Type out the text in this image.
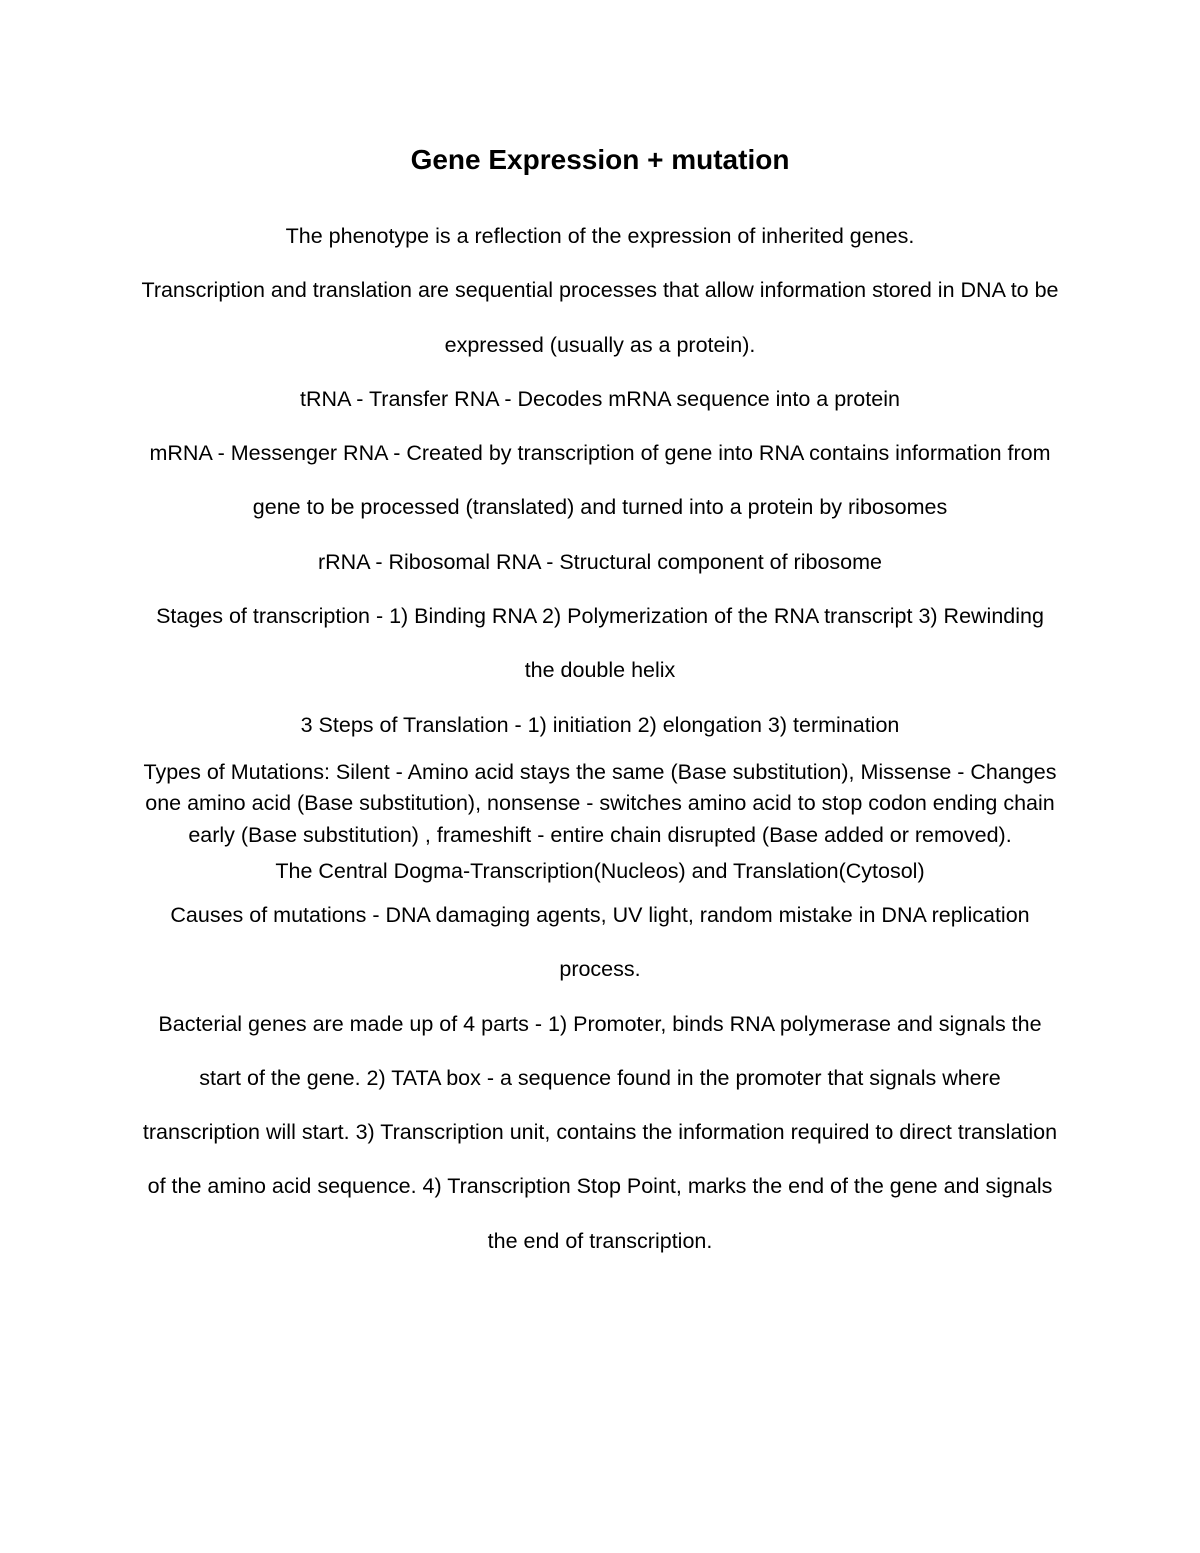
Gene Expression + mutation

The phenotype is a reflection of the expression of inherited genes.

Transcription and translation are sequential processes that allow information stored in DNA to be expressed (usually as a protein).

tRNA - Transfer RNA - Decodes mRNA sequence into a protein

mRNA - Messenger RNA - Created by transcription of gene into RNA contains information from gene to be processed (translated) and turned into a protein by ribosomes

rRNA - Ribosomal RNA - Structural component of ribosome

Stages of transcription - 1) Binding RNA 2) Polymerization of the RNA transcript 3) Rewinding the double helix

3 Steps of Translation - 1) initiation 2) elongation 3) termination

Types of Mutations: Silent - Amino acid stays the same (Base substitution), Missense - Changes one amino acid (Base substitution), nonsense - switches amino acid to stop codon ending chain early (Base substitution) , frameshift - entire chain disrupted (Base added or removed).

The Central Dogma-Transcription(Nucleos) and Translation(Cytosol)

Causes of mutations - DNA damaging agents, UV light, random mistake in DNA replication process.

Bacterial genes are made up of 4 parts - 1) Promoter, binds RNA polymerase and signals the start of the gene. 2) TATA box - a sequence found in the promoter that signals where transcription will start. 3) Transcription unit, contains the information required to direct translation of the amino acid sequence. 4) Transcription Stop Point, marks the end of the gene and signals the end of transcription.
